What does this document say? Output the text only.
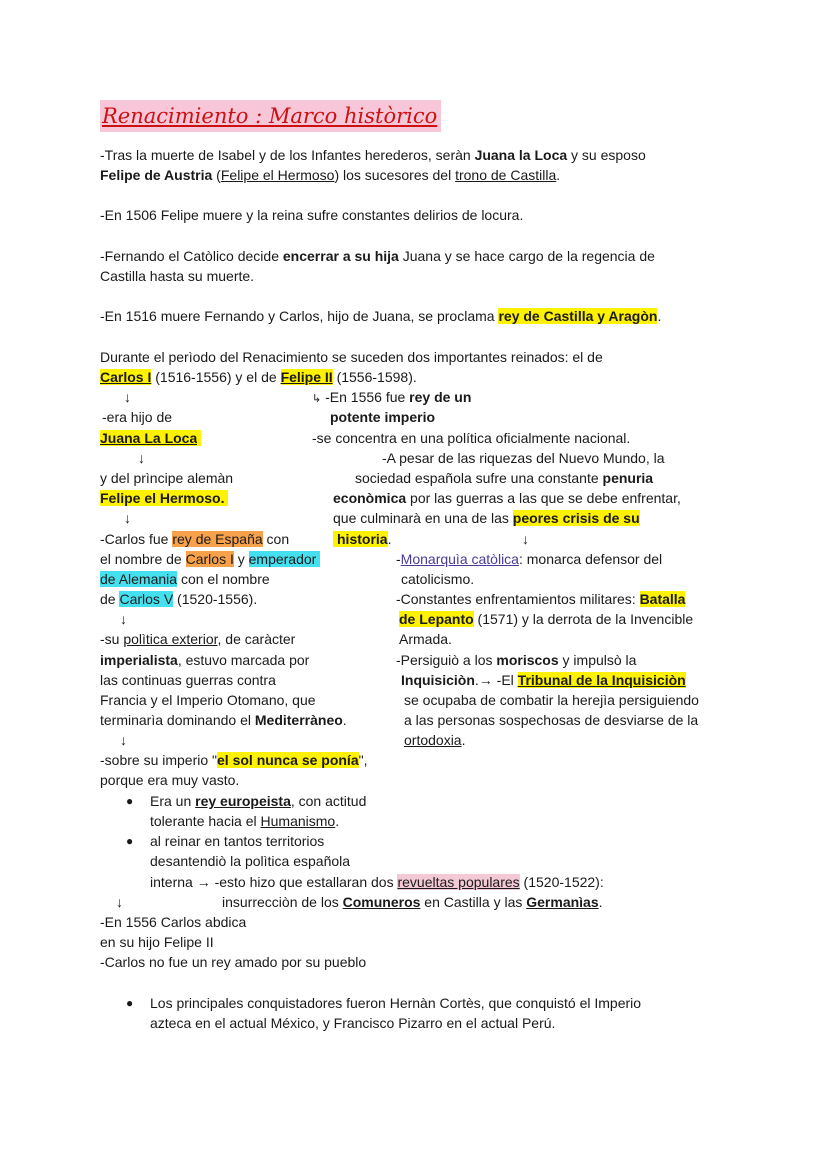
Renacimiento : Marco històrico
-Tras la muerte de Isabel y de los Infantes herederos, seràn Juana la Loca y su esposo
Felipe de Austria (Felipe el Hermoso) los sucesores del trono de Castilla.
-En 1506 Felipe muere y la reina sufre constantes delirios de locura.
-Fernando el Catòlico decide encerrar a su hija Juana y se hace cargo de la regencia de
Castilla hasta su muerte.
-En 1516 muere Fernando y Carlos, hijo de Juana, se proclama rey de Castilla y Aragòn.
Durante el perìodo del Renacimiento se suceden dos importantes reinados: el de
Carlos I (1516-1556) y el de Felipe II (1556-1598).
↓	↳ -En 1556 fue rey de un
-era hijo de	potente imperio
Juana La Loca	-se concentra en una política oficialmente nacional.
↓	-A pesar de las riquezas del Nuevo Mundo, la
y del prìncipe alemàn	sociedad española sufre una constante penuria
Felipe el Hermoso.	econòmica por las guerras a las que se debe enfrentar,
↓	que culminarà en una de las peores crisis de su
-Carlos fue rey de España con	historia.	↓
el nombre de Carlos I y emperador	-Monarquìa catòlica: monarca defensor del
de Alemania con el nombre	catolicismo.
de Carlos V (1520-1556).	-Constantes enfrentamientos militares: Batalla
↓	de Lepanto (1571) y la derrota de la Invencible
-su polìtica exterior, de caràcter	Armada.
imperialista, estuvo marcada por	-Persiguiò a los moriscos y impulsò la
las continuas guerras contra	Inquisiciòn.→ -El Tribunal de la Inquisiciòn
Francia y el Imperio Otomano, que	se ocupaba de combatir la herejìa persiguiendo
terminarìa dominando el Mediterràneo.	a las personas sospechosas de desviarse de la
↓	ortodoxia.
-sobre su imperio "el sol nunca se ponía",
porque era muy vasto.
● Era un rey europeista, con actitud
tolerante hacia el Humanismo.
● al reinar en tantos territorios
desantendiò la polìtica española
interna → -esto hizo que estallaran dos revueltas populares (1520-1522):
↓	insurrecciòn de los Comuneros en Castilla y las Germanìas.
-En 1556 Carlos abdica
en su hijo Felipe II
-Carlos no fue un rey amado por su pueblo
● Los principales conquistadores fueron Hernàn Cortès, que conquistó el Imperio
azteca en el actual México, y Francisco Pizarro en el actual Perú.
